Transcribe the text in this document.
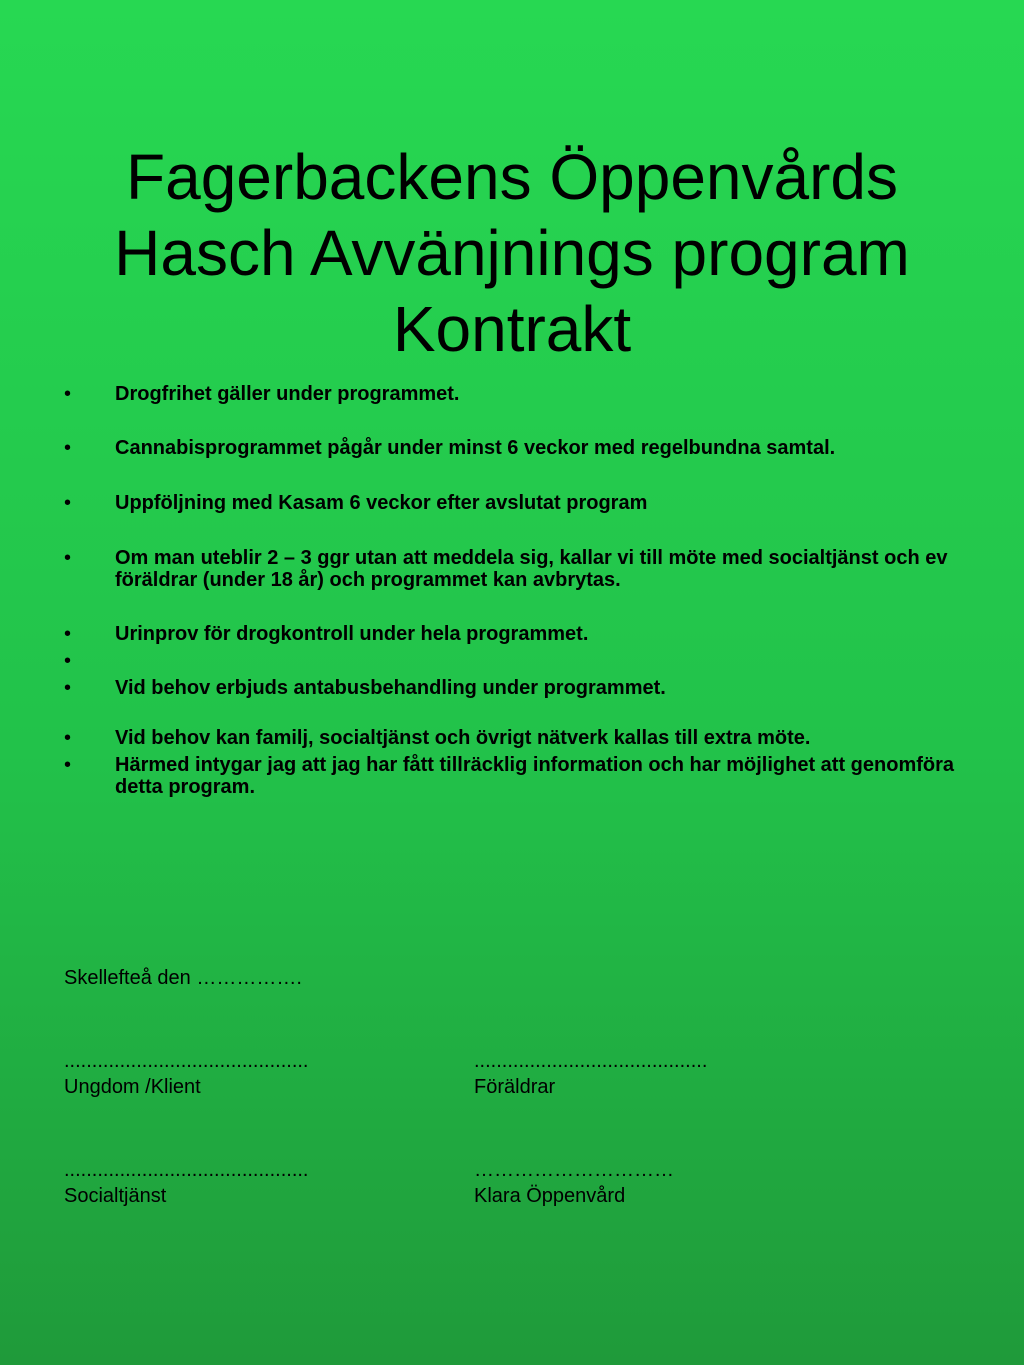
Fagerbackens Öppenvårds
Hasch Avvänjnings program
Kontrakt
• Drogfrihet gäller under programmet.
• Cannabisprogrammet pågår under minst 6 veckor med regelbundna samtal.
• Uppföljning med Kasam 6 veckor efter avslutat program
• Om man uteblir 2 – 3 ggr utan att meddela sig, kallar vi till möte med socialtjänst och ev föräldrar (under 18 år) och programmet kan avbrytas.
• Urinprov för drogkontroll under hela programmet.
•
• Vid behov erbjuds antabusbehandling under programmet.
• Vid behov kan familj, socialtjänst och övrigt nätverk kallas till extra möte.
• Härmed intygar jag att jag har fått tillräcklig information och har möjlighet att genomföra detta program.
Skellefteå den …………….
............................................	..........................................
Ungdom /Klient	Föräldrar
............................................	…………………………
Socialtjänst	Klara Öppenvård
